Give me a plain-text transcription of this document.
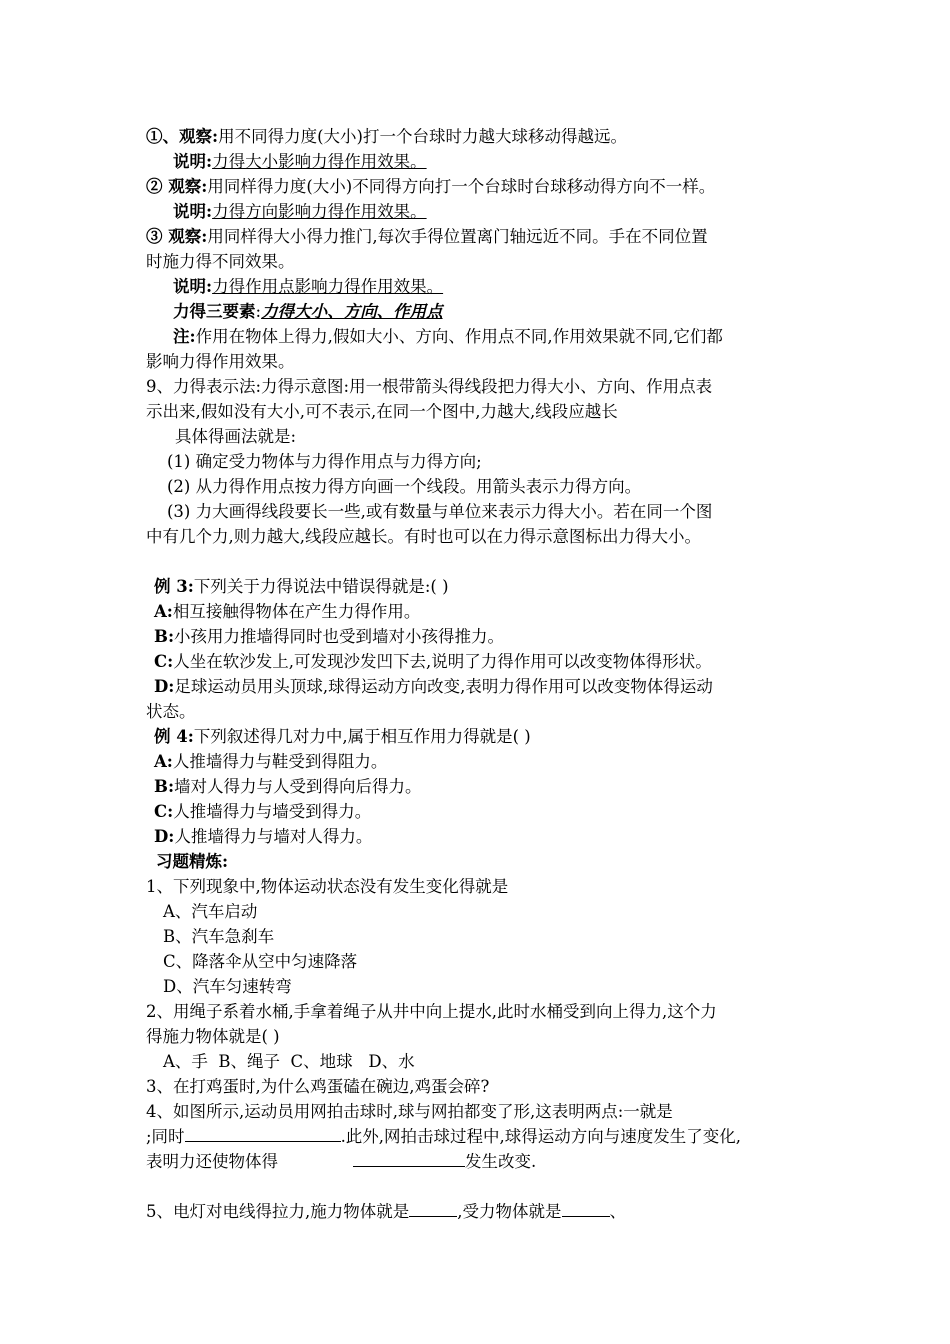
①、观察:用不同得力度(大小)打一个台球时力越大球移动得越远。
说明:力得大小影响力得作用效果。
② 观察:用同样得力度(大小)不同得方向打一个台球时台球移动得方向不一样。
说明:力得方向影响力得作用效果。
③ 观察:用同样得大小得力推门,每次手得位置离门轴远近不同。手在不同位置
时施力得不同效果。
说明:力得作用点影响力得作用效果。
力得三要素:力得大小、方向、作用点
注:作用在物体上得力,假如大小、方向、作用点不同,作用效果就不同,它们都
影响力得作用效果。
9、力得表示法:力得示意图:用一根带箭头得线段把力得大小、方向、作用点表
示出来,假如没有大小,可不表示,在同一个图中,力越大,线段应越长
具体得画法就是:
(1) 确定受力物体与力得作用点与力得方向;
(2) 从力得作用点按力得方向画一个线段。用箭头表示力得方向。
(3) 力大画得线段要长一些,或有数量与单位来表示力得大小。若在同一个图
中有几个力,则力越大,线段应越长。有时也可以在力得示意图标出力得大小。
例 3:下列关于力得说法中错误得就是:( )
A:相互接触得物体在产生力得作用。
B:小孩用力推墙得同时也受到墙对小孩得推力。
C:人坐在软沙发上,可发现沙发凹下去,说明了力得作用可以改变物体得形状。
D:足球运动员用头顶球,球得运动方向改变,表明力得作用可以改变物体得运动
状态。
例 4:下列叙述得几对力中,属于相互作用力得就是( )
A:人推墙得力与鞋受到得阻力。
B:墙对人得力与人受到得向后得力。
C:人推墙得力与墙受到得力。
D:人推墙得力与墙对人得力。
习题精炼:
1、下列现象中,物体运动状态没有发生变化得就是
A、汽车启动
B、汽车急刹车
C、降落伞从空中匀速降落
D、汽车匀速转弯
2、用绳子系着水桶,手拿着绳子从井中向上提水,此时水桶受到向上得力,这个力
得施力物体就是( )
A、手  B、绳子  C、地球   D、水
3、在打鸡蛋时,为什么鸡蛋磕在碗边,鸡蛋会碎?
4、如图所示,运动员用网拍击球时,球与网拍都变了形,这表明两点:一就是
;同时	.此外,网拍击球过程中,球得运动方向与速度发生了变化,
表明力还使物体得	发生改变.
5、电灯对电线得拉力,施力物体就是	,受力物体就是	、
